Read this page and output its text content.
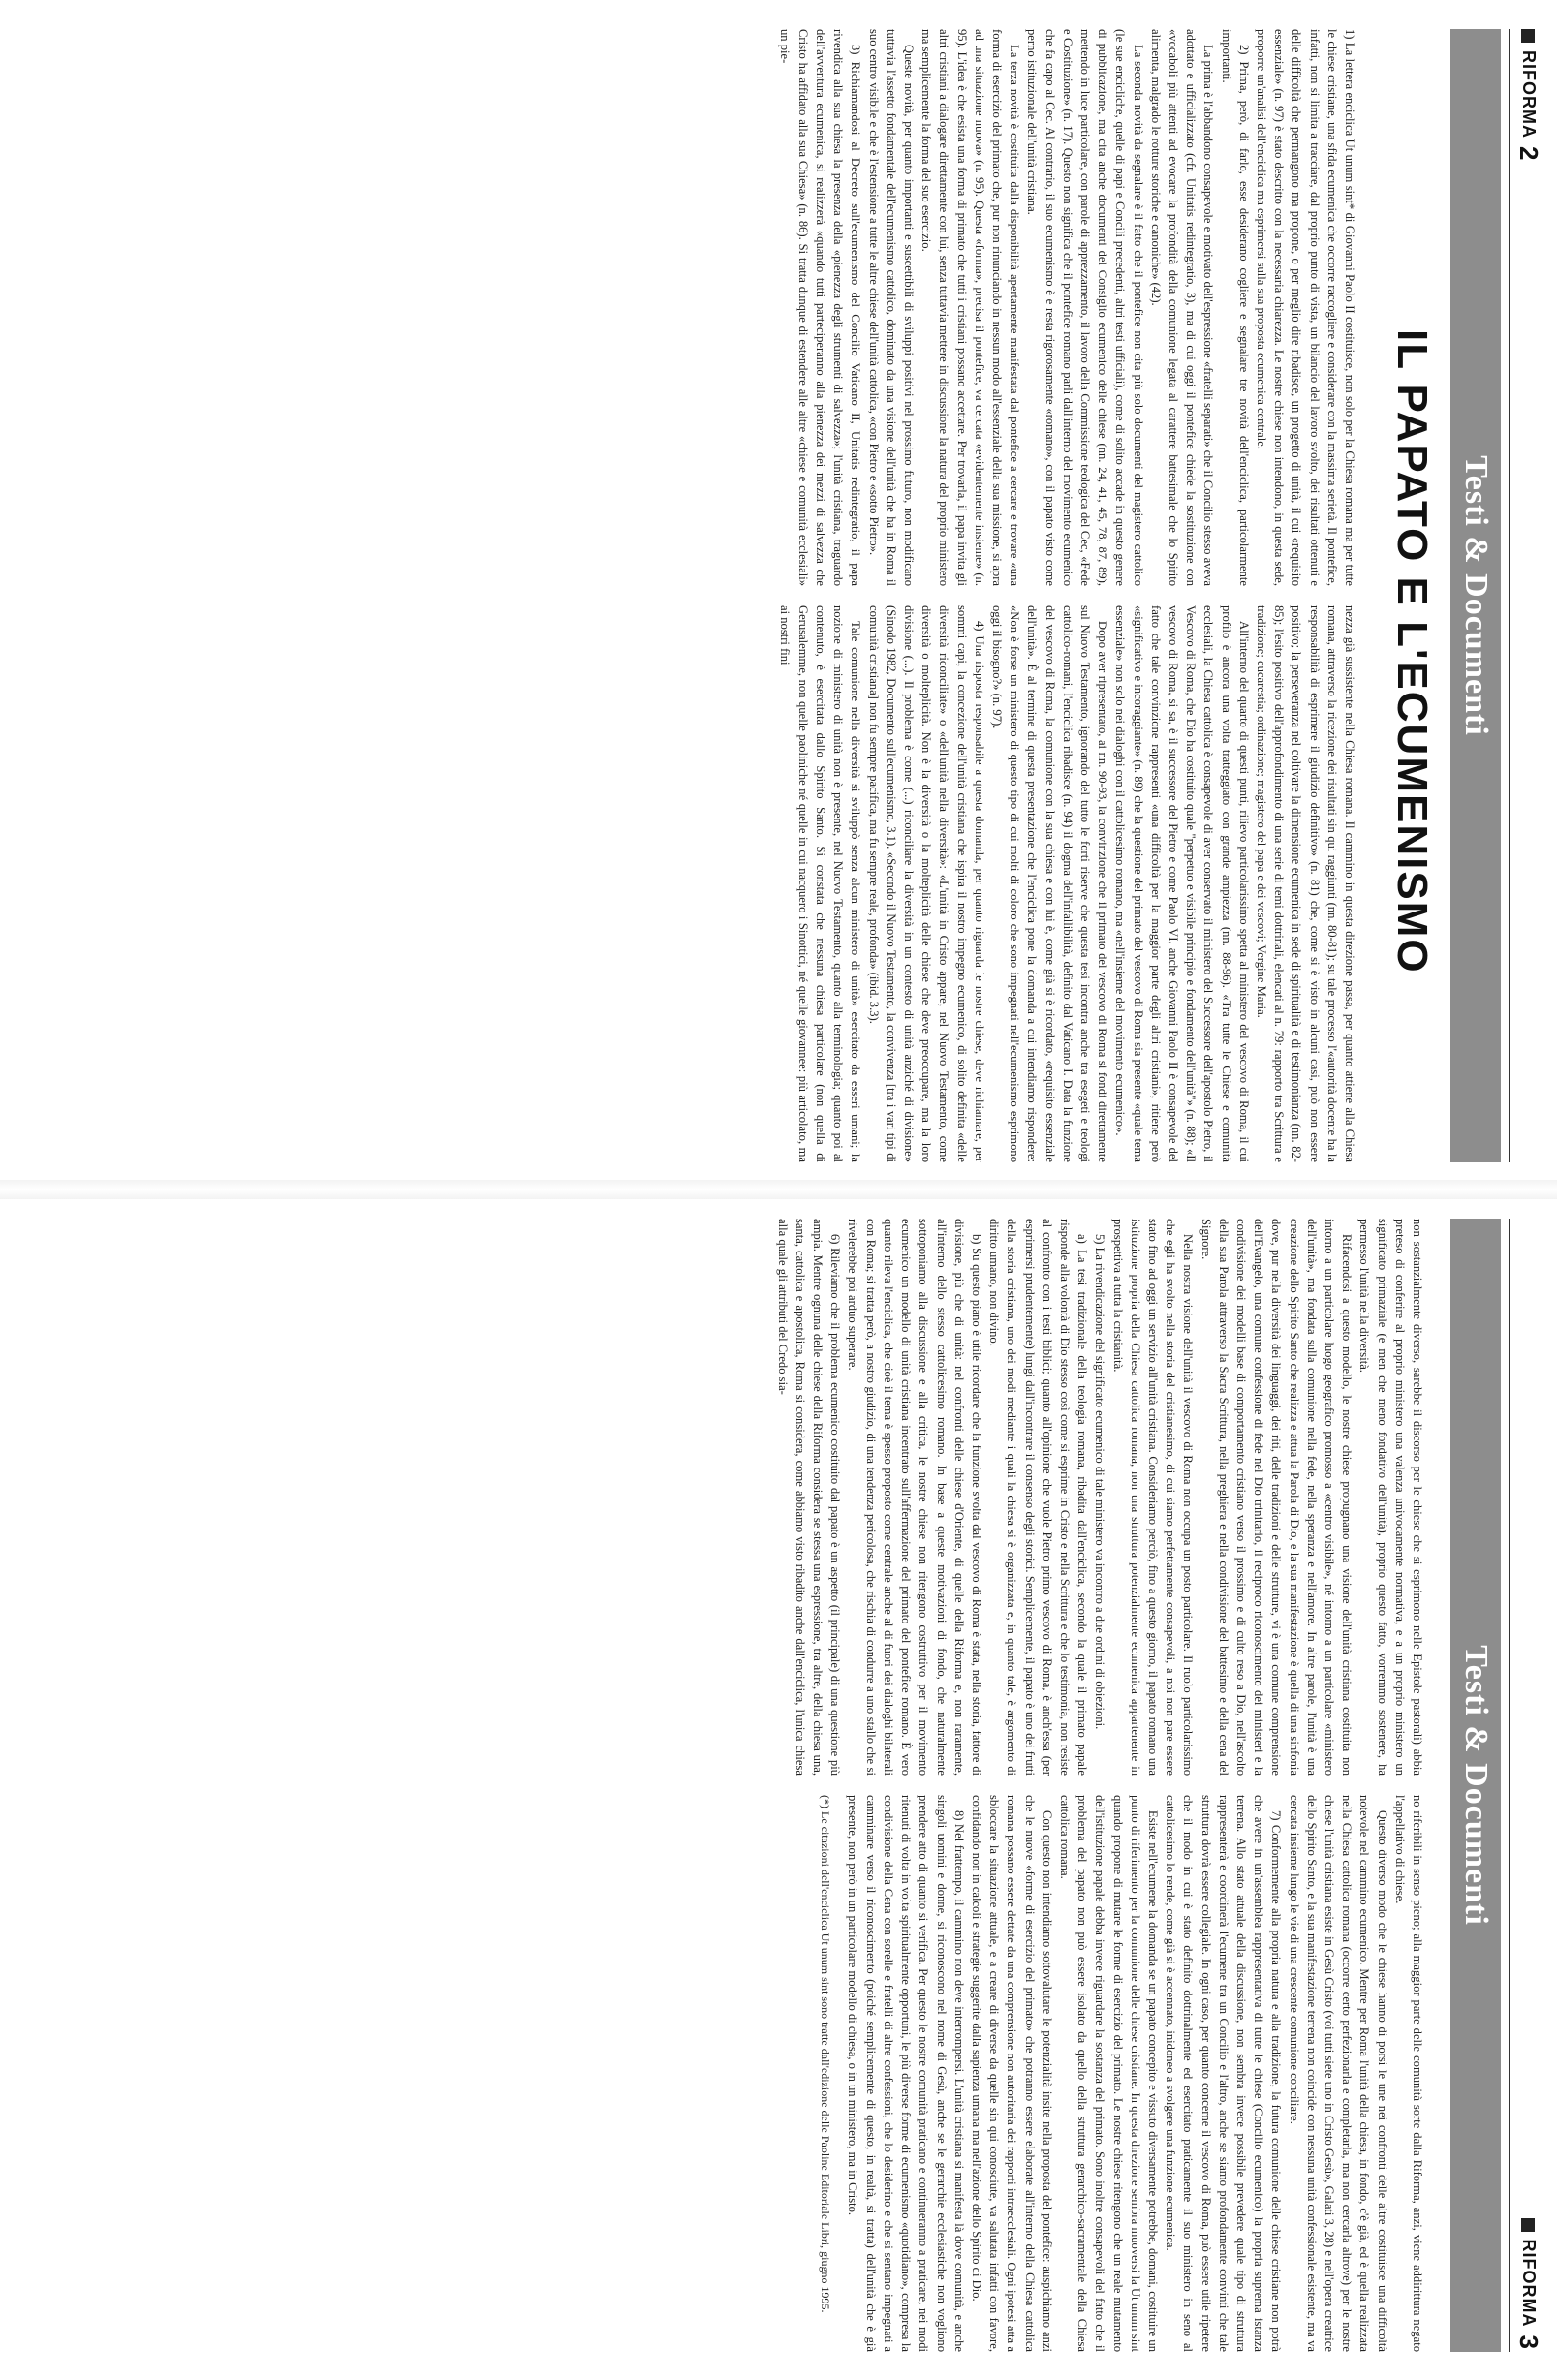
RIFORMA
2
Testi & Documenti
IL PAPATO E L'ECUMENISMO

1) La lettera enciclica Ut unum sint* di Giovanni Paolo II costituisce, non solo per la Chiesa romana ma per tutte le chiese cristiane, una sfida ecumenica che occorre raccogliere e considerare con la massima serietà. Il pontefice, infatti, non si limita a tracciare, dal proprio punto di vista, un bilancio del lavoro svolto, dei risultati ottenuti e delle difficoltà che permangono ma propone, o per meglio dire ribadisce, un progetto di unità, il cui «requisito essenziale» (n. 97) è stato descritto con la necessaria chiarezza. Le nostre chiese non intendono, in questa sede, proporre un'analisi dell'enciclica ma esprimersi sulla sua proposta ecumenica centrale.

2) Prima, però, di farlo, esse desiderano cogliere e segnalare tre novità dell'enciclica, particolarmente importanti.

La prima è l'abbandono consapevole e motivato dell'espressione «fratelli separati» che il Concilio stesso aveva adottato e ufficializzato (cfr. Unitatis redintegratio, 3), ma di cui oggi il pontefice chiede la sostituzione con «vocaboli più attenti ad evocare la profondità della comunione legata al carattere battesimale che lo Spirito alimenta, malgrado le rotture storiche e canoniche» (42).

La seconda novità da segnalare è il fatto che il pontefice non cita più solo documenti del magistero cattolico (le sue encicliche, quelle di papi e Concili precedenti, altri testi ufficiali), come di solito accade in questo genere di pubblicazione, ma cita anche documenti del Consiglio ecumenico delle chiese (nn. 24, 41, 45, 78, 87, 89), mettendo in luce particolare, con parole di apprezzamento, il lavoro della Commissione teologica del Cec, «Fede e Costituzione» (n. 17). Questo non significa che il pontefice romano parli dall'interno del movimento ecumenico che fa capo al Cec. Al contrario, il suo ecumenismo è e resta rigorosamente «romano», con il papato visto come perno istituzionale dell'unità cristiana.

La terza novità è costituita dalla disponibilità apertamente manifestata dal pontefice a cercare e trovare «una forma di esercizio del primato che, pur non rinunciando in nessun modo all'essenziale della sua missione, si apra ad una situazione nuova» (n. 95). Questa «forma», precisa il pontefice, va cercata «evidentemente insieme» (n. 95). L'idea è che esista una forma di primato che tutti i cristiani possano accettare. Per trovarla, il papa invita gli altri cristiani a dialogare direttamente con lui, senza tuttavia mettere in discussione la natura del proprio ministero ma semplicemente la forma del suo esercizio.

Queste novità, per quanto importanti e suscettibili di sviluppi positivi nel prossimo futuro, non modificano tuttavia l'assetto fondamentale dell'ecumenismo cattolico, dominato da una visione dell'unità che ha in Roma il suo centro visibile e che è l'estensione a tutte le altre chiese dell'unità cattolica, «con Pietro e «sotto Pietro».

3) Richiamandosi al Decreto sull'ecumenismo del Concilio Vaticano II, Unitatis redintegratio, il papa rivendica alla sua chiesa la presenza della «pienezza degli strumenti di salvezza»; l'unità cristiana, traguardo dell'avventura ecumenica, si realizzerà «quando tutti parteciperanno alla pienezza dei mezzi di salvezza che Cristo ha affidato alla sua Chiesa» (n. 86). Si tratta dunque di estendere alle altre «chiese e comunità ecclesiali» un pie-

nezza già sussistente nella Chiesa romana. Il cammino in questa direzione passa, per quanto attiene alla Chiesa romana, attraverso la ricezione dei risultati sin qui raggiunti (nn. 80-81); su tale processo l'«autorità docente ha la responsabilità di esprimere il giudizio definitivo» (n. 81) che, come si è visto in alcuni casi, può non essere positivo; la perseveranza nel coltivare la dimensione ecumenica in sede di spiritualità e di testimonianza (nn. 82-85); l'esito positivo dell'approfondimento di una serie di temi dottrinali, elencati al n. 79: rapporto tra Scrittura e tradizione; eucarestia; ordinazione; magistero del papa e dei vescovi; Vergine Maria.

All'interno del quarto di questi punti, rilievo particolarissimo spetta al ministero del vescovo di Roma, il cui profilo è ancora una volta tratteggiato con grande ampiezza (nn. 88-96). «Tra tutte le Chiese e comunità ecclesiali, la Chiesa cattolica è consapevole di aver conservato il ministero del Successore dell'apostolo Pietro, il Vescovo di Roma, che Dio ha costituito quale "perpetuo e visibile principio e fondamento dell'unità"» (n. 88); «Il vescovo di Roma, si sa, è il successore del Pietro e come Paolo VI, anche Giovanni Paolo II è consapevole del fatto che tale convinzione rappresenti «una difficoltà per la maggior parte degli altri cristiani», ritiene però «significativo e incoraggiante» (n. 89) che la questione del primato del vescovo di Roma sia presente «quale tema essenziale» non solo nei dialoghi con il cattolicesimo romano, ma «nell'insieme del movimento ecumenico».

Dopo aver ripresentato, ai nn. 90-93, la convinzione che il primato del vescovo di Roma si fondi direttamente sul Nuovo Testamento, ignorando del tutto le forti riserve che questa tesi incontra anche tra esegeti e teologi cattolico-romani, l'enciclica ribadisce (n. 94) il dogma dell'infallibilità, definito dal Vaticano I. Data la funzione del vescovo di Roma, la comunione con la sua chiesa e con lui è, come già si è ricordato, «requisito essenziale dell'unità». È al termine di questa presentazione che l'enciclica pone la domanda a cui intendiamo rispondere: «Non è forse un ministero di questo tipo di cui molti di coloro che sono impegnati nell'ecumenismo esprimono oggi il bisogno?» (n. 97).

4) Una risposta responsabile a questa domanda, per quanto riguarda le nostre chiese, deve richiamare, per sommi capi, la concezione dell'unità cristiana che ispira il nostro impegno ecumenico, di solito definita «delle diversità riconciliate» o «dell'unità nella diversità»: «L'unità in Cristo appare, nel Nuovo Testamento, come diversità o molteplicità. Non è la diversità o la molteplicità delle chiese che deve preoccupare, ma la loro divisione (...). Il problema è come (...) riconciliare la diversità in un contesto di unità anziché di divisione» (Sinodo 1982, Documento sull'ecumenismo, 3.1). «Secondo il Nuovo Testamento, la convivenza [tra i vari tipi di comunità cristiana] non fu sempre pacifica, ma fu sempre reale, profonda» (ibid. 3.3).

Tale comunione nella diversità si sviluppò senza alcun ministero di unità» esercitato da esseri umani; la nozione di ministero di unità non è presente, nel Nuovo Testamento, quanto alla terminologia; quanto poi al contenuto, è esercitata dallo Spirito Santo. Si constata che nessuna chiesa particolare (non quella di Gerusalemme, non quelle paoliniche né quelle in cui nacquero i Sinottici, né quelle giovannee: più articolato, ma ai nostri fini

RIFORMA
3
Testi & Documenti

non sostanzialmente diverso, sarebbe il discorso per le chiese che si esprimono nelle Epistole pastorali) abbia preteso di conferire al proprio ministero una valenza univocamente normativa, e a un proprio ministero un significato primaziale (e men che meno fondativo dell'unità), proprio questo fatto, vorremmo sostenere, ha permesso l'unità nella diversità.

Rifacendosi a questo modello, le nostre chiese propugnano una visione dell'unità cristiana costituita non intorno a un particolare luogo geografico promosso a «centro visibile», né intorno a un particolare «ministero dell'unità», ma fondata sulla comunione nella fede, nella speranza e nell'amore. In altre parole, l'unità è una creazione dello Spirito Santo che realizza e attua la Parola di Dio, e la sua manifestazione è quella di una sinfonia dove, pur nella diversità dei linguaggi, dei riti, delle tradizioni e delle strutture, vi è una comune comprensione dell'Evangelo, una comune confessione di fede nel Dio trinitario, il reciproco riconoscimento dei ministeri e la condivisione dei modelli base di comportamento cristiano verso il prossimo e di culto reso a Dio, nell'ascolto della sua Parola attraverso la Sacra Scrittura, nella preghiera e nella condivisione del battesimo e della cena del Signore.

Nella nostra visione dell'unità il vescovo di Roma non occupa un posto particolare. Il ruolo particolarissimo che egli ha svolto nella storia del cristianesimo, di cui siamo perfettamente consapevoli, a noi non pare essere stato fino ad oggi un servizio all'unità cristiana. Consideriamo perciò, fino a questo giorno, il papato romano una istituzione propria della Chiesa cattolica romana, non una struttura potenzialmente ecumenica appartenente in prospettiva a tutta la cristianità.

5) La rivendicazione del significato ecumenico di tale ministero va incontro a due ordini di obiezioni.

a) La tesi tradizionale della teologia romana, ribadita dall'enciclica, secondo la quale il primato papale risponde alla volontà di Dio stesso così come si esprime in Cristo e nella Scrittura e che lo testimonia, non resiste al confronto con i testi biblici; quanto all'opinione che vuole Pietro primo vescovo di Roma, è anch'essa (per esprimersi prudentemente) lungi dall'incontrare il consenso degli storici. Semplicemente, il papato è uno dei frutti della storia cristiana, uno dei modi mediante i quali la chiesa si è organizzata e, in quanto tale, è argomento di diritto umano, non divino.

b) Su questo piano è utile ricordare che la funzione svolta dal vescovo di Roma è stata, nella storia, fattore di divisione, più che di unità: nel confronti delle chiese d'Oriente, di quelle della Riforma e, non raramente, all'interno dello stesso cattolicesimo romano. In base a queste motivazioni di fondo, che naturalmente sottoponiamo alla discussione e alla critica, le nostre chiese non ritengono costruttivo per il movimento ecumenico un modello di unità cristiana incentrato sull'affermazione del primato del pontefice romano. È vero quanto rileva l'enciclica, che cioè il tema è spesso proposto come centrale anche al di fuori dei dialoghi bilaterali con Roma; si tratta però, a nostro giudizio, di una tendenza pericolosa, che rischia di condurre a uno stallo che si rivelerebbe poi arduo superare.

6) Rileviamo che il problema ecumenico costituito dal papato è un aspetto (il principale) di una questione più ampia. Mentre ognuna delle chiese della Riforma considera se stessa una espressione, tra altre, della chiesa una, santa, cattolica e apostolica, Roma si considera, come abbiamo visto ribadito anche dall'enciclica, l'unica chiesa alla quale gli attributi del Credo sia-

no riferibili in senso pieno; alla maggior parte delle comunità sorte dalla Riforma, anzi, viene addirittura negato l'appellativo di chiese.

Questo diverso modo che le chiese hanno di porsi le une nei confronti delle altre costituisce una difficoltà notevole nel cammino ecumenico. Mentre per Roma l'unità della chiesa, in fondo, c'è già, ed è quella realizzata nella Chiesa cattolica romana (occorre certo perfezionarla e completarla, ma non cercarla altrove) per le nostre chiese l'unità cristiana esiste in Gesù Cristo (voi tutti siete uno in Cristo Gesù», Galati 3, 28) e nell'opera creatrice dello Spirito Santo, e la sua manifestazione terrena non coincide con nessuna unità confessionale esistente, ma va cercata insieme lungo le vie di una crescente comunione conciliare.

7) Conformemente alla propria natura e alla tradizione, la futura comunione delle chiese cristiane non potrà che avere in un'assemblea rappresentativa di tutte le chiese (Concilio ecumenico) la propria suprema istanza terrena. Allo stato attuale della discussione, non sembra invece possibile prevedere quale tipo di struttura rappresenterà e coordinerà l'ecumene tra un Concilio e l'altro, anche se siamo profondamente convinti che tale struttura dovrà essere collegiale. In ogni caso, per quanto concerne il vescovo di Roma, può essere utile ripetere che il modo in cui è stato definito dottrinalmente ed esercitato praticamente il suo ministero in seno al cattolicesimo lo rende, come già si è accennato, inidoneo a svolgere una funzione ecumenica.

Esiste nell'ecumene la domanda se un papato concepito e vissuto diversamente potrebbe, domani, costituire un punto di riferimento per la comunione delle chiese cristiane. In questa direzione sembra muoversi la Ut unum sint quando propone di mutare le forme di esercizio del primato. Le nostre chiese ritengono che un reale mutamento dell'istituzione papale debba invece riguardare la sostanza del primato. Sono inoltre consapevoli del fatto che il problema del papato non può essere isolato da quello della struttura gerarchico-sacramentale della Chiesa cattolica romana.

Con questo non intendiamo sottovalutare le potenzialità insite nella proposta del pontefice: auspichiamo anzi che le nuove «forme di esercizio del primato» che potranno essere elaborate all'interno della Chiesa cattolica romana possano essere dettate da una comprensione non autoritaria dei rapporti intraecclesiali. Ogni ipotesi atta a sbloccare la situazione attuale, e a creare di diverse da quelle sin qui conosciute, va salutata infatti con favore, confidando non in calcoli e strategie suggerite dalla sapienza umana ma nell'azione dello Spirito di Dio.

8) Nel frattempo, il cammino non deve interrompersi. L'unità cristiana si manifesta là dove comunità, e anche singoli uomini e donne, si riconoscono nel nome di Gesù, anche se le gerarchie ecclesiastiche non vogliono prendere atto di quanto si verifica. Per questo le nostre comunità praticano e continueranno a praticare, nei modi ritenuti di volta in volta spiritualmente opportuni, le più diverse forme di ecumenismo «quotidiano», compresa la condivisione della Cena con sorelle e fratelli di altre confessioni, che lo desiderino e che si sentano impegnati a camminare verso il riconoscimento (poiché semplicemente di questo, in realtà, si tratta) dell'unità che è già presente, non però in un particolare modello di chiesa, o in un ministero, ma in Cristo.

(*) Le citazioni dell'enciclica Ut unum sint sono tratte dall'edizione delle Paoline Editoriale Libri, giugno 1995.
